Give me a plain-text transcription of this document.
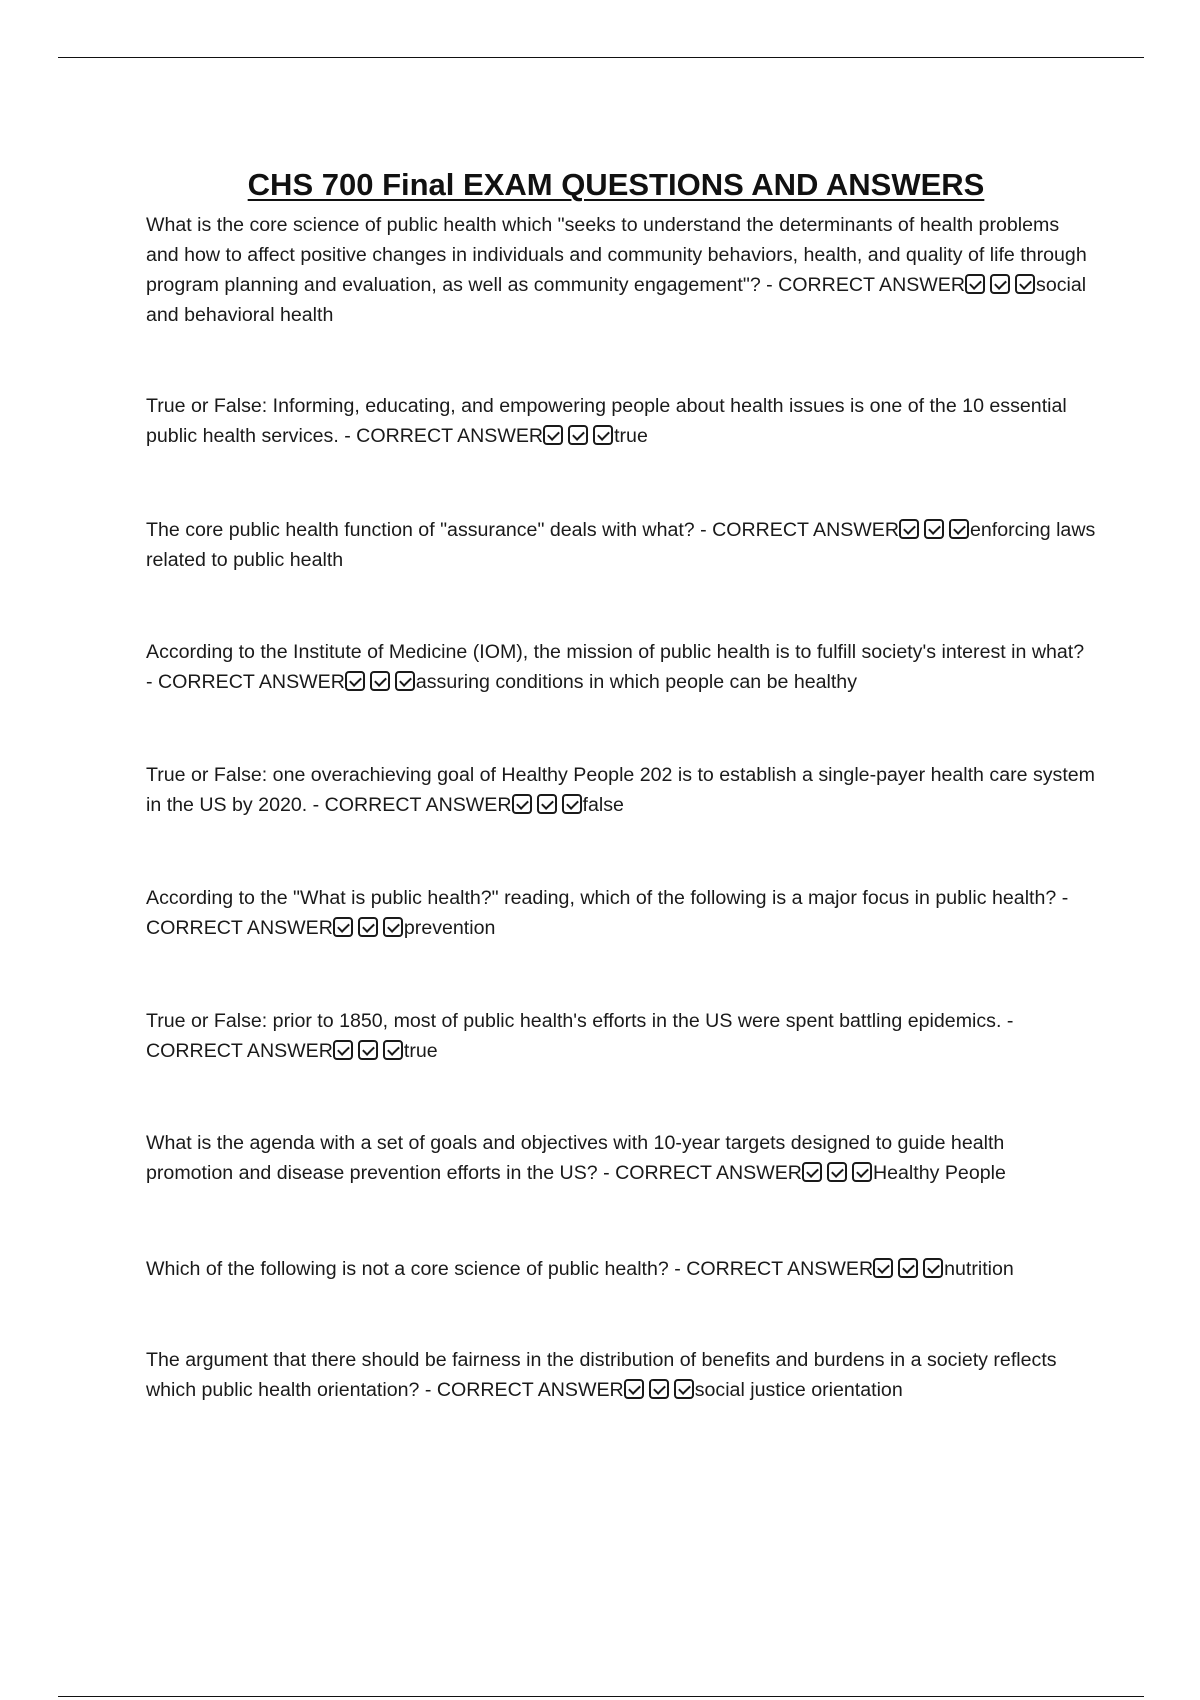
CHS 700 Final EXAM QUESTIONS AND ANSWERS

What is the core science of public health which "seeks to understand the determinants of health problems and how to affect positive changes in individuals and community behaviors, health, and quality of life through program planning and evaluation, as well as community engagement"? - CORRECT ANSWER	social and behavioral health

True or False: Informing, educating, and empowering people about health issues is one of the 10 essential public health services. - CORRECT ANSWER	true

The core public health function of "assurance" deals with what? - CORRECT ANSWER	enforcing laws related to public health

According to the Institute of Medicine (IOM), the mission of public health is to fulfill society's interest in what? - CORRECT ANSWER	assuring conditions in which people can be healthy

True or False: one overachieving goal of Healthy People 202 is to establish a single-payer health care system in the US by 2020. - CORRECT ANSWER	false

According to the "What is public health?" reading, which of the following is a major focus in public health? - CORRECT ANSWER	prevention

True or False: prior to 1850, most of public health's efforts in the US were spent battling epidemics. - CORRECT ANSWER	true

What is the agenda with a set of goals and objectives with 10-year targets designed to guide health promotion and disease prevention efforts in the US? - CORRECT ANSWER	Healthy People

Which of the following is not a core science of public health? - CORRECT ANSWER	nutrition

The argument that there should be fairness in the distribution of benefits and burdens in a society reflects which public health orientation? - CORRECT ANSWER	social justice orientation
